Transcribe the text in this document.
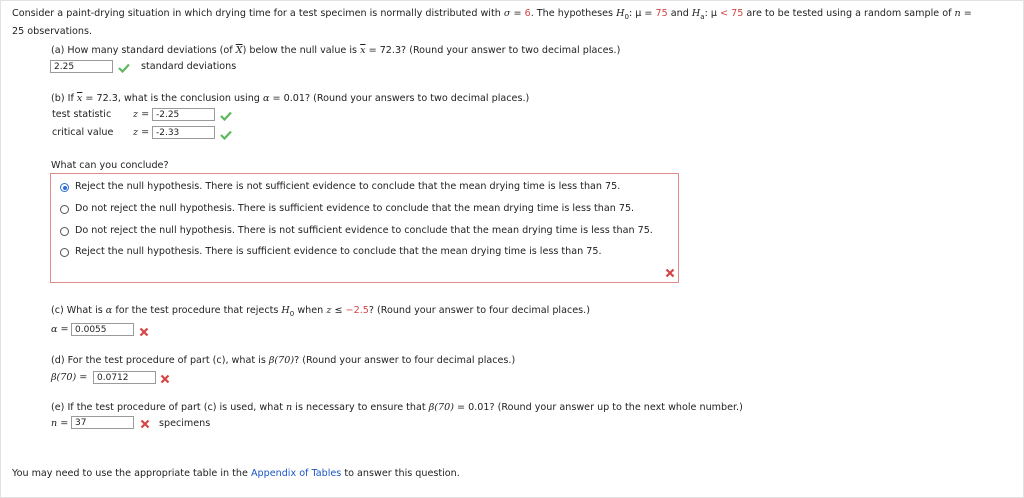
Consider a paint-drying situation in which drying time for a test specimen is normally distributed with σ = 6. The hypotheses $H_0$: μ = 75 and $H_a$: μ < 75 are to be tested using a random sample of n =
25 observations.
(a) How many standard deviations (of $\overline{X}$) below the null value is $\overline{x} = 72.3$? (Round your answer to two decimal places.)
2.25	standard deviations
(b) If $\overline{x} = 72.3$, what is the conclusion using α = 0.01? (Round your answers to two decimal places.)
test statistic z = -2.25
critical value z = -2.33
What can you conclude?
Reject the null hypothesis. There is not sufficient evidence to conclude that the mean drying time is less than 75.
Do not reject the null hypothesis. There is sufficient evidence to conclude that the mean drying time is less than 75.
Do not reject the null hypothesis. There is not sufficient evidence to conclude that the mean drying time is less than 75.
Reject the null hypothesis. There is sufficient evidence to conclude that the mean drying time is less than 75.
(c) What is α for the test procedure that rejects $H_0$ when z ≤ −2.5? (Round your answer to four decimal places.)
α = 0.0055
(d) For the test procedure of part (c), what is β(70)? (Round your answer to four decimal places.)
β(70) =	0.0712
(e) If the test procedure of part (c) is used, what n is necessary to ensure that β(70) = 0.01? (Round your answer up to the next whole number.)
n = 37	specimens
You may need to use the appropriate table in the Appendix of Tables to answer this question.
